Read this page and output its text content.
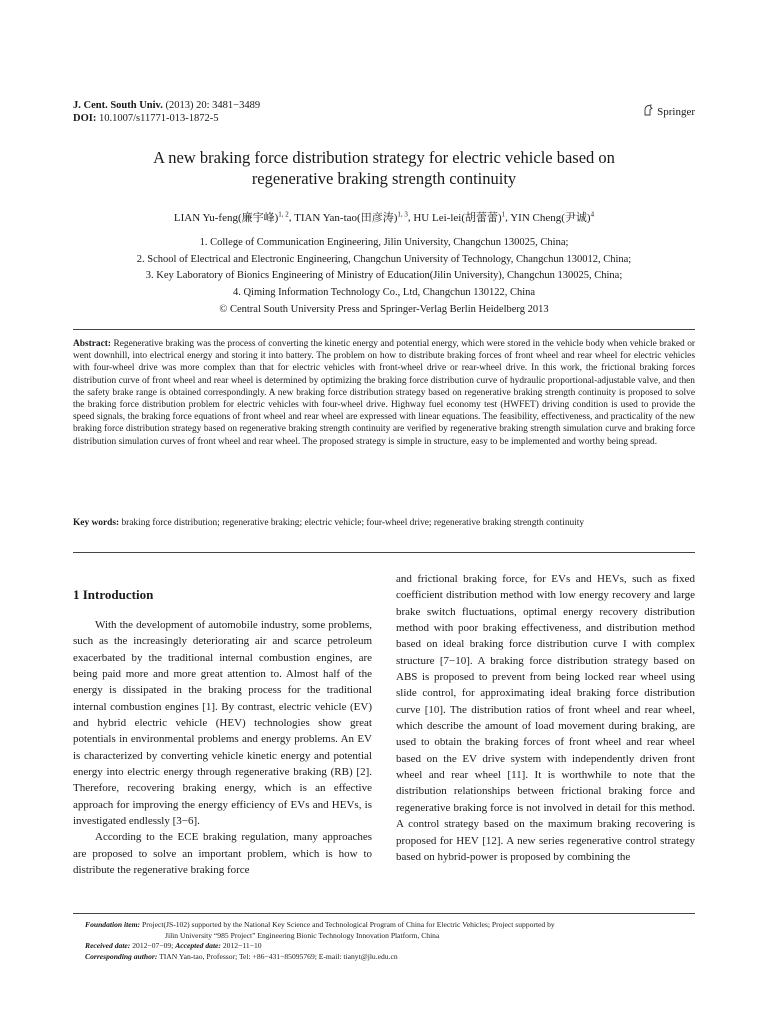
J. Cent. South Univ. (2013) 20: 3481−3489
DOI: 10.1007/s11771-013-1872-5
Springer
A new braking force distribution strategy for electric vehicle based on
regenerative braking strength continuity
LIAN Yu-feng(廉宇峰)$^{1, 2}$, TIAN Yan-tao(田彦涛)$^{1, 3}$, HU Lei-lei(胡蕾蕾)$^1$, YIN Cheng(尹诚)$^4$
1. College of Communication Engineering, Jilin University, Changchun 130025, China;
2. School of Electrical and Electronic Engineering, Changchun University of Technology, Changchun 130012, China;
3. Key Laboratory of Bionics Engineering of Ministry of Education(Jilin University), Changchun 130025, China;
4. Qiming Information Technology Co., Ltd, Changchun 130122, China
© Central South University Press and Springer-Verlag Berlin Heidelberg 2013
Abstract: Regenerative braking was the process of converting the kinetic energy and potential energy, which were stored in the vehicle body when vehicle braked or went downhill, into electrical energy and storing it into battery. The problem on how to distribute braking forces of front wheel and rear wheel for electric vehicles with four-wheel drive was more complex than that for electric vehicles with front-wheel drive or rear-wheel drive. In this work, the frictional braking forces distribution curve of front wheel and rear wheel is determined by optimizing the braking force distribution curve of hydraulic proportional-adjustable valve, and then the safety brake range is obtained correspondingly. A new braking force distribution strategy based on regenerative braking strength continuity is proposed to solve the braking force distribution problem for electric vehicles with four-wheel drive. Highway fuel economy test (HWFET) driving condition is used to provide the speed signals, the braking force equations of front wheel and rear wheel are expressed with linear equations. The feasibility, effectiveness, and practicality of the new braking force distribution strategy based on regenerative braking strength continuity are verified by regenerative braking strength simulation curve and braking force distribution simulation curves of front wheel and rear wheel. The proposed strategy is simple in structure, easy to be implemented and worthy being spread.
Key words: braking force distribution; regenerative braking; electric vehicle; four-wheel drive; regenerative braking strength continuity
1 Introduction

With the development of automobile industry, some problems, such as the increasingly deteriorating air and scarce petroleum exacerbated by the traditional internal combustion engines, are being paid more and more great attention to. Almost half of the energy is dissipated in the braking process for the traditional internal combustion engines [1]. By contrast, electric vehicle (EV) and hybrid electric vehicle (HEV) technologies show great potentials in environmental problems and energy problems. An EV is characterized by converting vehicle kinetic energy and potential energy into electric energy through regenerative braking (RB) [2]. Therefore, recovering braking energy, which is an effective approach for improving the energy efficiency of EVs and HEVs, is investigated endlessly [3−6].

According to the ECE braking regulation, many approaches are proposed to solve an important problem, which is how to distribute the regenerative braking force

and frictional braking force, for EVs and HEVs, such as fixed coefficient distribution method with low energy recovery and large brake switch fluctuations, optimal energy recovery distribution method with poor braking effectiveness, and distribution method based on ideal braking force distribution curve I with complex structure [7−10]. A braking force distribution strategy based on ABS is proposed to prevent from being locked rear wheel using slide control, for approximating ideal braking force distribution curve [10]. The distribution ratios of front wheel and rear wheel, which describe the amount of load movement during braking, are used to obtain the braking forces of front wheel and rear wheel based on the EV drive system with independently driven front wheel and rear wheel [11]. It is worthwhile to note that the distribution relationships between frictional braking force and regenerative braking force is not involved in detail for this method. A control strategy based on the maximum braking recovering is proposed for HEV [12]. A new series regenerative control strategy based on hybrid-power is proposed by combining the

Foundation item: Project(JS-102) supported by the National Key Science and Technological Program of China for Electric Vehicles; Project supported by
Jilin University “985 Project” Engineering Bionic Technology Innovation Platform, China
Received date: 2012−07−09; Accepted date: 2012−11−10
Corresponding author: TIAN Yan-tao, Professor; Tel: +86−431−85095769; E-mail: tianyt@jlu.edu.cn
